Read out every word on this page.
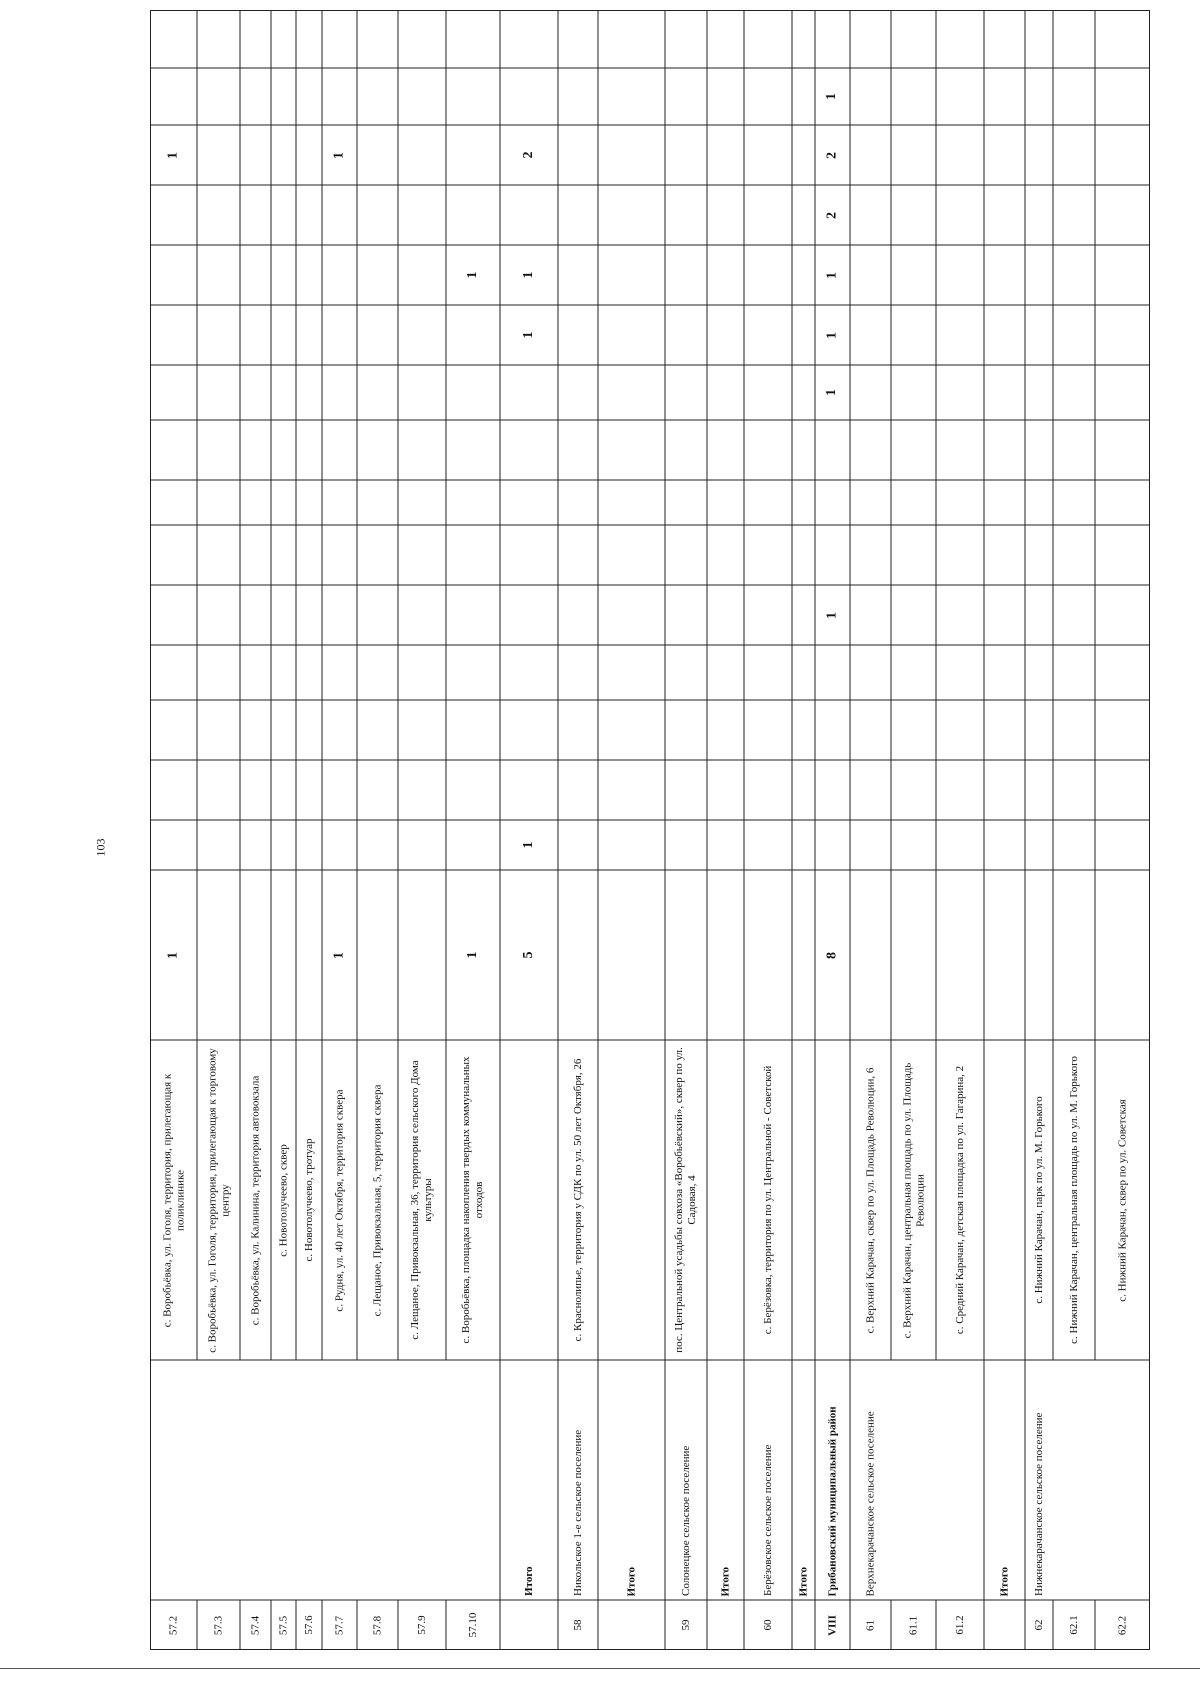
103
57.2
с. Воробьёвка, ул. Гоголя, территория, прилегающая к поликлинике
1
1
57.3
с. Воробьёвка, ул. Гоголя, территория, прилегающая к торговому центру
57.4
с. Воробьёвка, ул. Калинина, территория автовокзала
57.5
с. Новотолучеево, сквер
57.6
с. Новотолучеево, тротуар
57.7
с. Рудня, ул. 40 лет Октября, территория сквера
1
1
57.8
с. Лещаное, Привокзальная, 5, территория сквера
57.9
с. Лещаное, Привокзальная, 36, территория сельского Дома культуры
57.10
с. Воробьёвка, площадка накопления твердых коммунальных отходов
1
1
Итого
5
1
1
1
2
58
Никольское 1-е сельское поселение
с. Краснолипье, территория у СДК по ул. 50 лет Октября, 26
Итого
59
Солонецкое сельское поселение
пос. Центральной усадьбы совхоза «Воробьёвский», сквер по ул. Садовая, 4
Итого
60
Берёзовское сельское поселение
с. Берёзовка, территория по ул. Центральной - Советской
Итого
VIII
Грибановский муниципальный район
8
1
1
1
1
2
2
1
61
Верхнекарачанское сельское поселение
с. Верхний Карачан, сквер по ул. Площадь Революции, 6
61.1
с. Верхний Карачан, центральная площадь по ул. Площадь Революции
61.2
с. Средний Карачан, детская площадка по ул. Гагарина, 2
Итого
62
Нижнекарачанское сельское поселение
с. Нижний Карачан, парк по ул. М. Горького
62.1
с. Нижний Карачан, центральная площадь по ул. М. Горького
62.2
с. Нижний Карачан, сквер по ул. Советская
